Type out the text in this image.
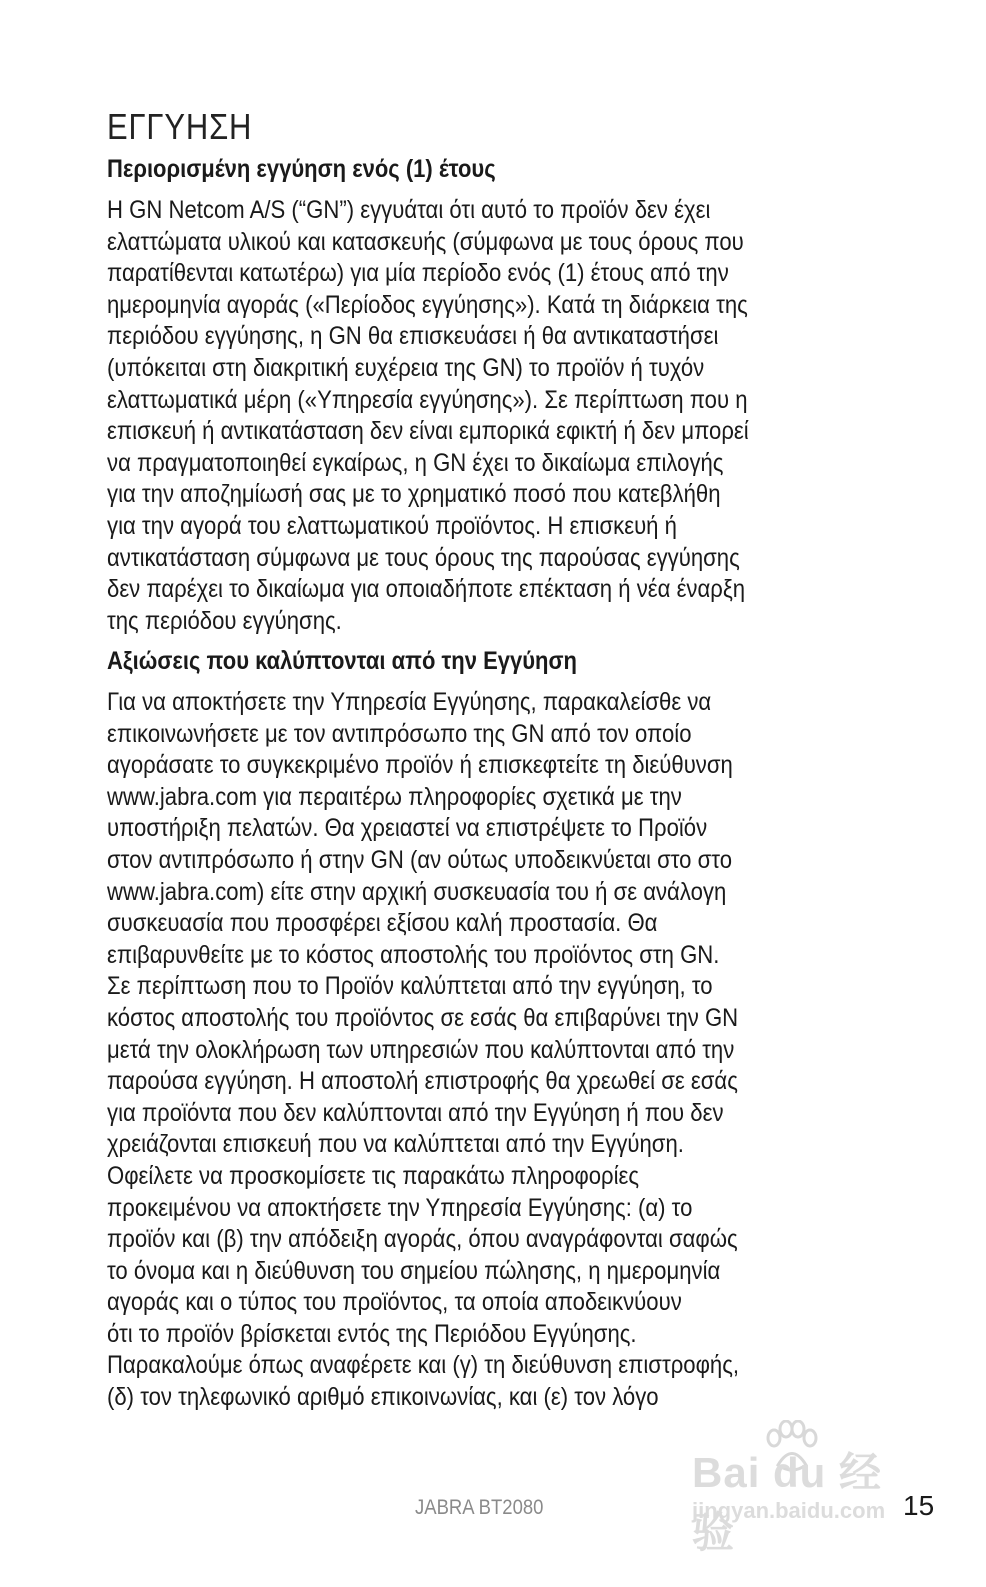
ΕΓΓΥΗΣΗ
Περιορισμένη εγγύηση ενός (1) έτους
Η GN Netcom A/S (“GN”) εγγυάται ότι αυτό το προϊόν δεν έχει
ελαττώματα υλικού και κατασκευής (σύμφωνα με τους όρους που
παρατίθενται κατωτέρω) για μία περίοδο ενός (1) έτους από την
ημερομηνία αγοράς («Περίοδος εγγύησης»). Κατά τη διάρκεια της
περιόδου εγγύησης, η GN θα επισκευάσει ή θα αντικαταστήσει
(υπόκειται στη διακριτική ευχέρεια της GN) το προϊόν ή τυχόν
ελαττωματικά μέρη («Υπηρεσία εγγύησης»). Σε περίπτωση που η
επισκευή ή αντικατάσταση δεν είναι εμπορικά εφικτή ή δεν μπορεί
να πραγματοποιηθεί εγκαίρως, η GN έχει το δικαίωμα επιλογής
για την αποζημίωσή σας με το χρηματικό ποσό που κατεβλήθη
για την αγορά του ελαττωματικού προϊόντος. Η επισκευή ή
αντικατάσταση σύμφωνα με τους όρους της παρούσας εγγύησης
δεν παρέχει το δικαίωμα για οποιαδήποτε επέκταση ή νέα έναρξη
της περιόδου εγγύησης.
Αξιώσεις που καλύπτονται από την Εγγύηση
Για να αποκτήσετε την Υπηρεσία Εγγύησης, παρακαλείσθε να
επικοινωνήσετε με τον αντιπρόσωπο της GN από τον οποίο
αγοράσατε το συγκεκριμένο προϊόν ή επισκεφτείτε τη διεύθυνση
www.jabra.com για περαιτέρω πληροφορίες σχετικά με την
υποστήριξη πελατών. Θα χρειαστεί να επιστρέψετε το Προϊόν
στον αντιπρόσωπο ή στην GN (αν ούτως υποδεικνύεται στο στο
www.jabra.com) είτε στην αρχική συσκευασία του ή σε ανάλογη
συσκευασία που προσφέρει εξίσου καλή προστασία. Θα
επιβαρυνθείτε με το κόστος αποστολής του προϊόντος στη GN.
Σε περίπτωση που το Προϊόν καλύπτεται από την εγγύηση, το
κόστος αποστολής του προϊόντος σε εσάς θα επιβαρύνει την GN
μετά την ολοκλήρωση των υπηρεσιών που καλύπτονται από την
παρούσα εγγύηση. Η αποστολή επιστροφής θα χρεωθεί σε εσάς
για προϊόντα που δεν καλύπτονται από την Εγγύηση ή που δεν
χρειάζονται επισκευή που να καλύπτεται από την Εγγύηση.
Οφείλετε να προσκομίσετε τις παρακάτω πληροφορίες
προκειμένου να αποκτήσετε την Υπηρεσία Εγγύησης: (α) το
προϊόν και (β) την απόδειξη αγοράς, όπου αναγράφονται σαφώς
το όνομα και η διεύθυνση του σημείου πώλησης, η ημερομηνία
αγοράς και ο τύπος του προϊόντος, τα οποία αποδεικνύουν
ότι το προϊόν βρίσκεται εντός της Περιόδου Εγγύησης.
Παρακαλούμε όπως αναφέρετε και (γ) τη διεύθυνση επιστροφής,
(δ) τον τηλεφωνικό αριθμό επικοινωνίας, και (ε) τον λόγο
Bai du 经验
jingyan.baidu.com
JABRA BT2080	15
